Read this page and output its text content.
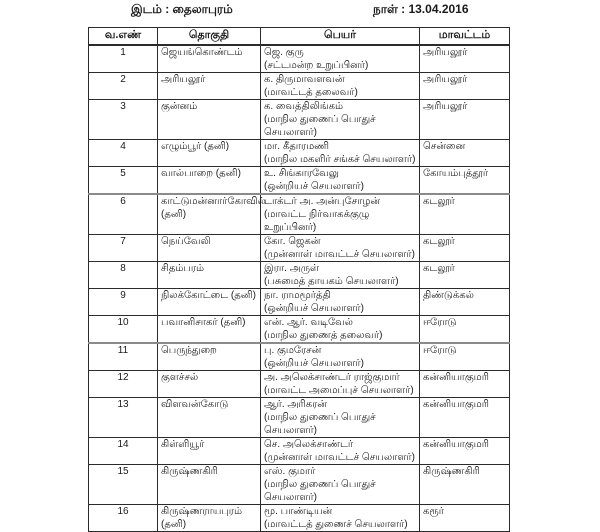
இடம் : தைலாபுரம்	நாள் : 13.04.2016
வ.எண்	தொகுதி	பெயர்	மாவட்டம்
1	ஜெயங்கொண்டம்	ஜெ. குரு
(சட்டமன்ற உறுப்பினர்)	அரியலூர்
2	அரியலூர்	க. திருமாவளவன்
(மாவட்டத் தலைவர்)	அரியலூர்
3	குன்னம்	க. வைத்திலிங்கம்
(மாநில துணைப் பொதுச் செயலாளர்)	அரியலூர்
4	எழும்பூர் (தனி)	மா. கீதாரமணி
(மாநில மகளிர் சங்கச் செயலாளர்)	சென்னை
5	வால்பாறை (தனி)	உ. சிங்காரவேலு
(ஒன்றியச் செயலாளர்)	கோயம்புத்தூர்
6	காட்டுமன்னார்கோவில் (தனி)	டாக்டர் அ. அன்புசோழன்
(மாவட்ட நிர்வாகக்குழு உறுப்பினர்)	கடலூர்
7	நெய்வேலி	கோ. ஜெகன்
(முன்னாள் மாவட்டச் செயலாளர்)	கடலூர்
8	சிதம்பரம்	இரா. அருள்
(பசுமைத் தாயகம் செயலாளர்)	கடலூர்
9	நிலக்கோட்டை (தனி)	நா. ராமமூர்த்தி
(ஒன்றியச் செயலாளர்)	திண்டுக்கல்
10	பவானிசாகர் (தனி)	என். ஆர். வடிவேல்
(மாநில துணைத் தலைவர்)	ஈரோடு
11	பெருந்துறை	பு. குமரேசன்
(ஒன்றியச் செயலாளர்)	ஈரோடு
12	குளச்சல்	அ. அலெக்சாண்டர் ராஜ்குமார்
(மாவட்ட அமைப்புச் செயலாளர்)	கன்னியாகுமரி
13	விளவன்கோடு	ஆர். அரிகரன்
(மாநில துணைப் பொதுச் செயலாளர்)	கன்னியாகுமரி
14	கிள்ளியூர்	செ. அலெக்சாண்டர்
(முன்னாள் மாவட்டச் செயலாளர்)	கன்னியாகுமரி
15	கிருஷ்ணகிரி	எஸ். குமார்
(மாநில துணைப் பொதுச் செயலாளர்)	கிருஷ்ணகிரி
16	கிருஷ்ணராயபுரம் (தனி)	மூ. பாண்டியன்
(மாவட்டத் துணைச் செயலாளர்)	கரூர்
